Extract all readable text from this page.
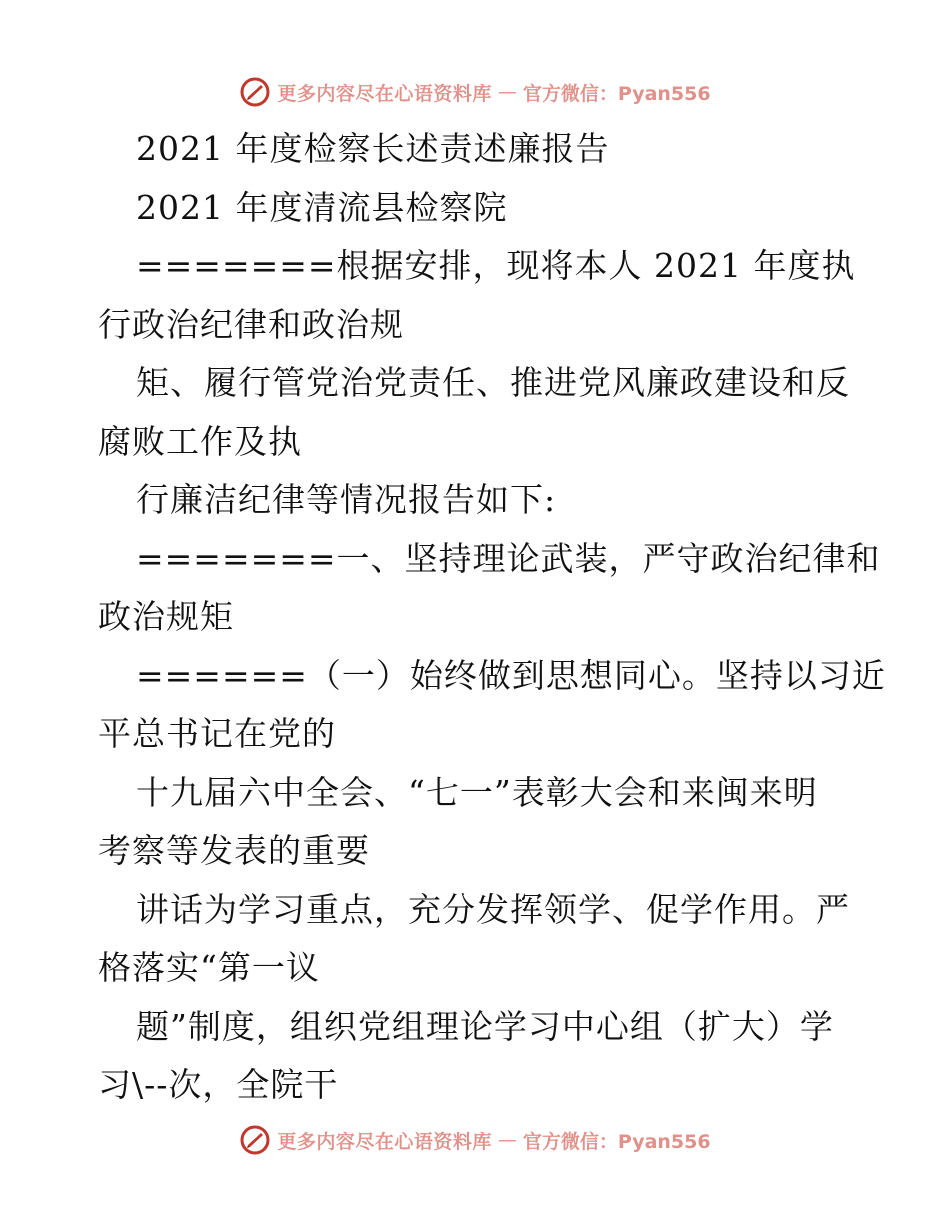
更多内容尽在心语资料库 — 官方微信：Pyan556
2021 年度检察长述责述廉报告
2021 年度清流县检察院
=======根据安排，现将本人 2021 年度执
行政治纪律和政治规
矩、履行管党治党责任、推进党风廉政建设和反
腐败工作及执
行廉洁纪律等情况报告如下:
=======一、坚持理论武装，严守政治纪律和
政治规矩
======（一）始终做到思想同心。坚持以习近
平总书记在党的
十九届六中全会、“七一”表彰大会和来闽来明
考察等发表的重要
讲话为学习重点，充分发挥领学、促学作用。严
格落实“第一议
题”制度，组织党组理论学习中心组（扩大）学
习\--次，全院干
更多内容尽在心语资料库 — 官方微信：Pyan556
